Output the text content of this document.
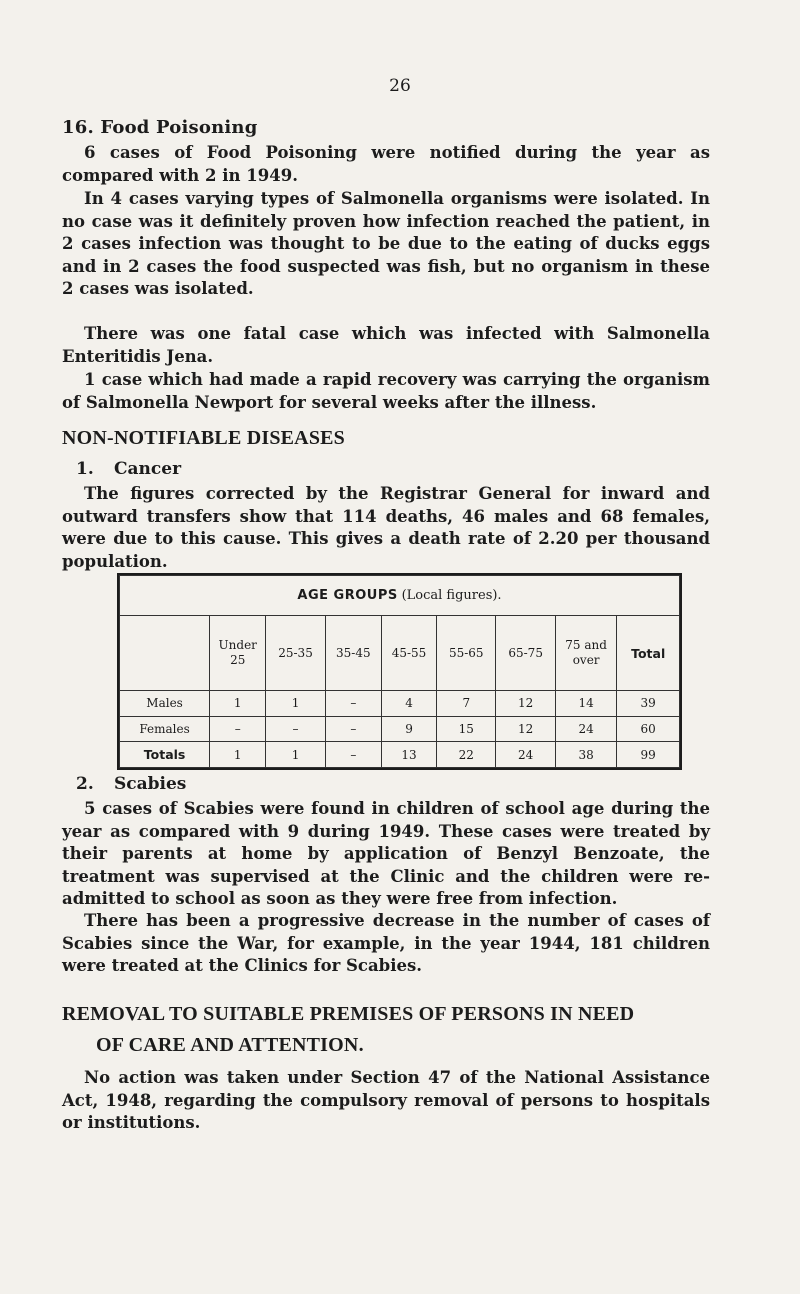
26
16. Food Poisoning

6 cases of Food Poisoning were notified during the year as compared with 2 in 1949.

In 4 cases varying types of Salmonella organisms were isolated. In no case was it definitely proven how infection reached the patient, in 2 cases infection was thought to be due to the eating of ducks eggs and in 2 cases the food suspected was fish, but no organism in these 2 cases was isolated.

There was one fatal case which was infected with Salmonella Enteritidis Jena.

1 case which had made a rapid recovery was carrying the organism of Salmonella Newport for several weeks after the illness.

NON-NOTIFIABLE DISEASES
1. Cancer

The figures corrected by the Registrar General for inward and outward transfers show that 114 deaths, 46 males and 68 females, were due to this cause. This gives a death rate of 2.20 per thousand population.

AGE GROUPS (Local figures).								
	Under 25	25-35	35-45	45-55	55-65	65-75	75 and over	Total
Males	1	1	–	4	7	12	14	39
Females	–	–	–	9	15	12	24	60
Totals	1	1	–	13	22	24	38	99
2. Scabies

5 cases of Scabies were found in children of school age during the year as compared with 9 during 1949. These cases were treated by their parents at home by application of Benzyl Benzoate, the treatment was supervised at the Clinic and the children were re-admitted to school as soon as they were free from infection.

There has been a progressive decrease in the number of cases of Scabies since the War, for example, in the year 1944, 181 children were treated at the Clinics for Scabies.

REMOVAL TO SUITABLE PREMISES OF PERSONS IN NEED
OF CARE AND ATTENTION.

No action was taken under Section 47 of the National Assistance Act, 1948, regarding the compulsory removal of persons to hospitals or institutions.
